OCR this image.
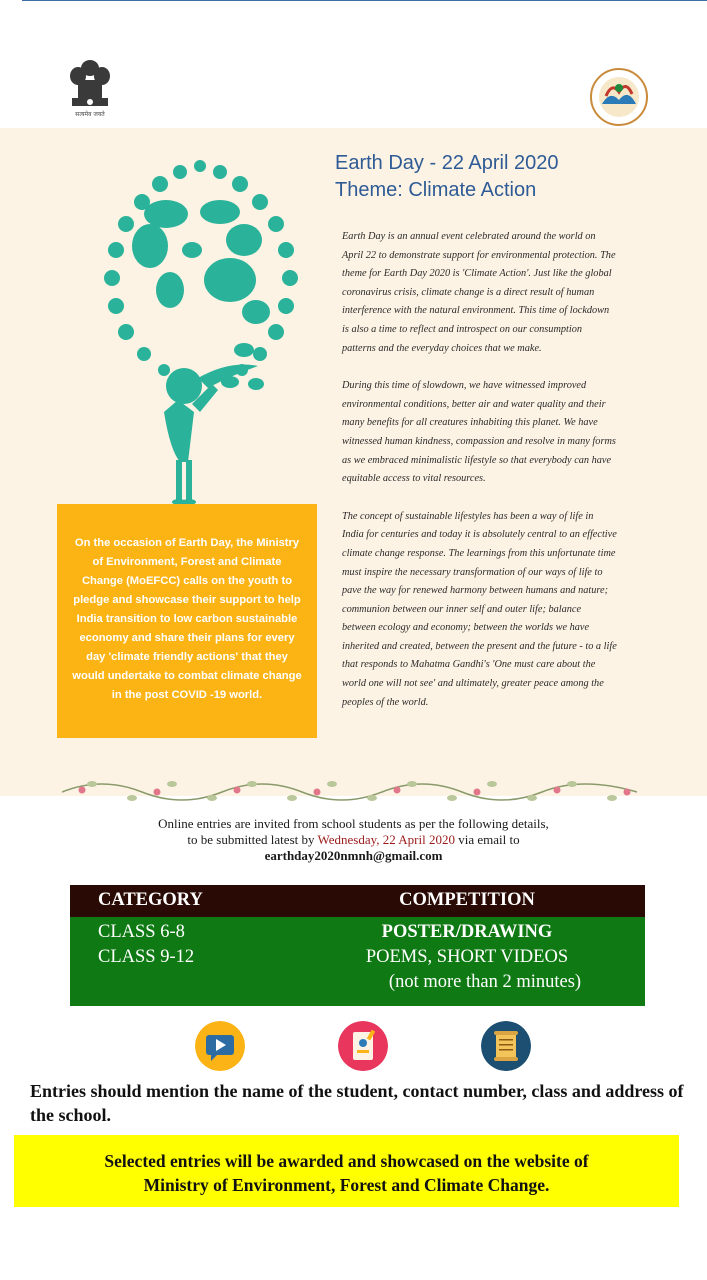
सत्यमेव जयते
Earth Day - 22 April 2020
Theme: Climate Action

Earth Day is an annual event celebrated around the world on April 22 to demonstrate support for environmental protection. The theme for Earth Day 2020 is 'Climate Action'. Just like the global coronavirus crisis, climate change is a direct result of human interference with the natural environment. This time of lockdown is also a time to reflect and introspect on our consumption patterns and the everyday choices that we make.

During this time of slowdown, we have witnessed improved environmental conditions, better air and water quality and their many benefits for all creatures inhabiting this planet. We have witnessed human kindness, compassion and resolve in many forms as we embraced minimalistic lifestyle so that everybody can have equitable access to vital resources.

The concept of sustainable lifestyles has been a way of life in India for centuries and today it is absolutely central to an effective climate change response. The learnings from this unfortunate time must inspire the necessary transformation of our ways of life to pave the way for renewed harmony between humans and nature; communion between our inner self and outer life; balance between ecology and economy; between the worlds we have inherited and created, between the present and the future - to a life that responds to Mahatma Gandhi's 'One must care about the world one will not see' and ultimately, greater peace among the peoples of the world.

On the occasion of Earth Day, the Ministry of Environment, Forest and Climate Change (MoEFCC) calls on the youth to pledge and showcase their support to help India transition to low carbon sustainable economy and share their plans for every day 'climate friendly actions' that they would undertake to combat climate change in the post COVID -19 world.
Online entries are invited from school students as per the following details,
to be submitted latest by Wednesday, 22 April 2020 via email to
earthday2020nmnh@gmail.com
CATEGORY	COMPETITION
CLASS 6-8	POSTER/DRAWING
CLASS 9-12	POEMS, SHORT VIDEOS
(not more than 2 minutes)
Entries should mention the name of the student, contact number, class and address of the school.
Selected entries will be awarded and showcased on the website of
Ministry of Environment, Forest and Climate Change.
